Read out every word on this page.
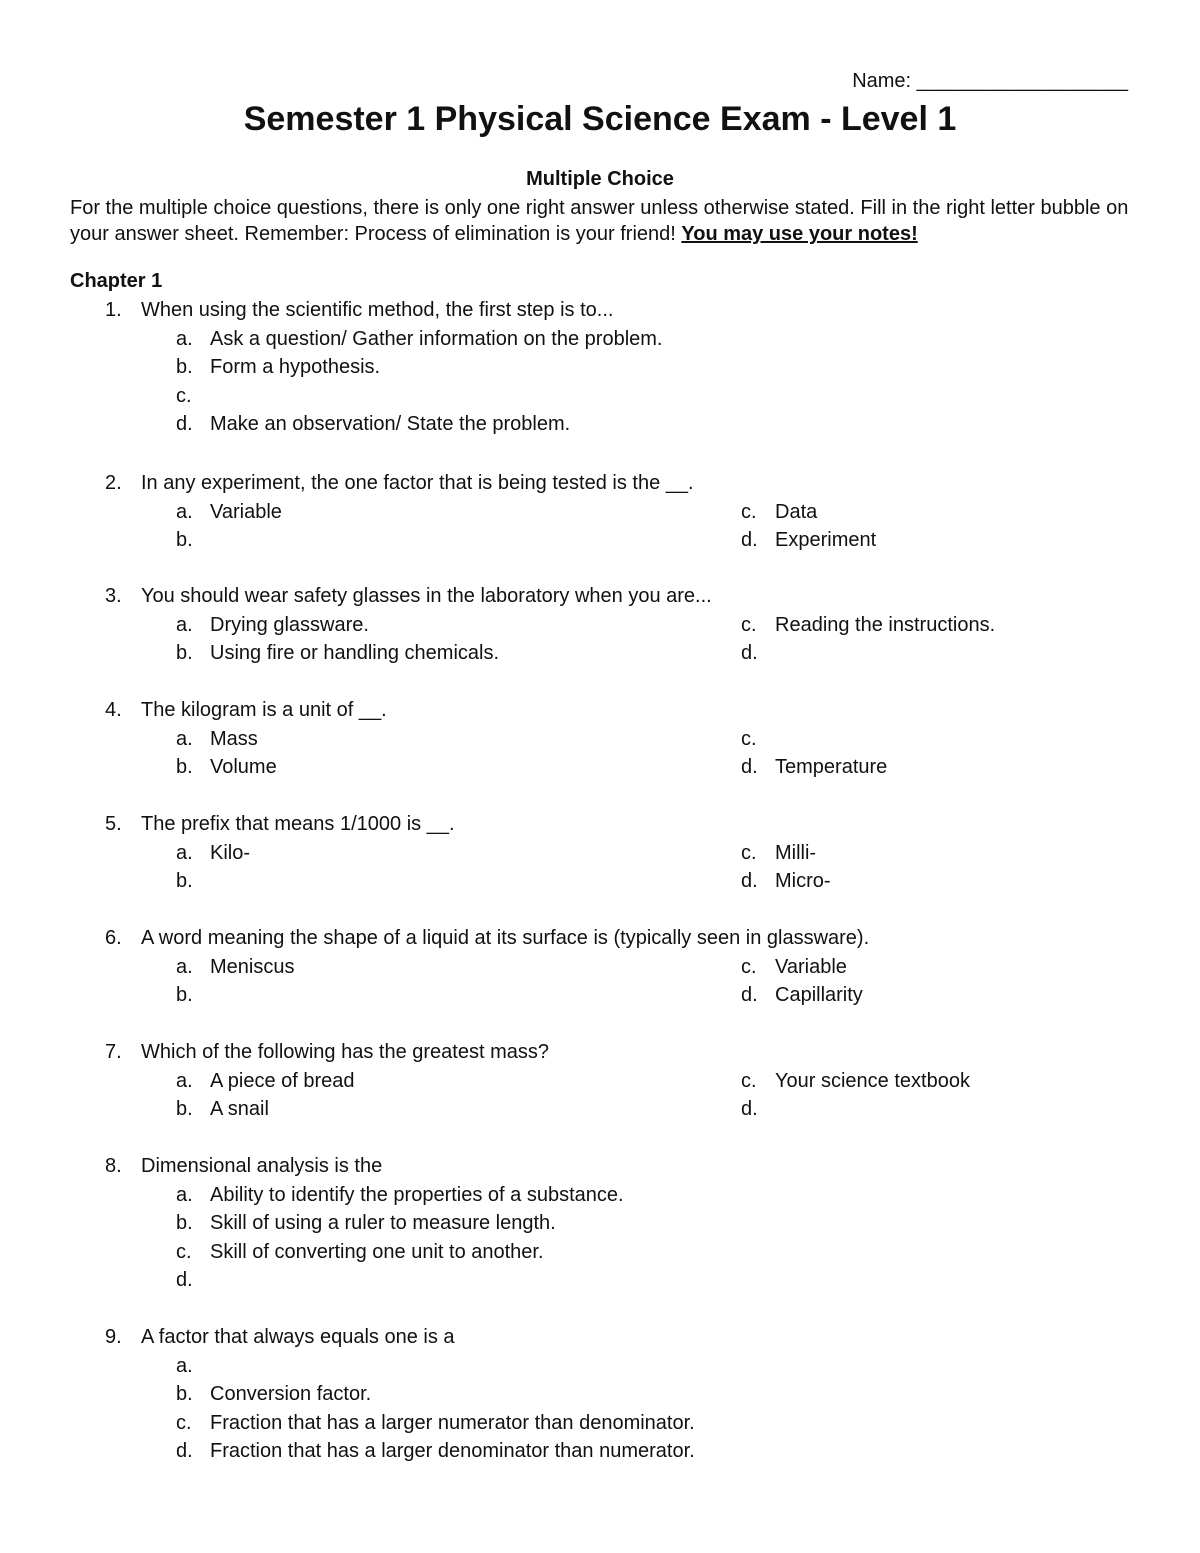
Name: ___________________
Semester 1 Physical Science Exam - Level 1
Multiple Choice
For the multiple choice questions, there is only one right answer unless otherwise stated. Fill in the right letter bubble on your answer sheet. Remember: Process of elimination is your friend! You may use your notes!
Chapter 1
1. When using the scientific method, the first step is to...
a. Ask a question/ Gather information on the problem.
b. Form a hypothesis.
c.
d. Make an observation/ State the problem.
2. In any experiment, the one factor that is being tested is the __.
a. Variable
b.
c. Data
d. Experiment
3. You should wear safety glasses in the laboratory when you are...
a. Drying glassware.
b. Using fire or handling chemicals.
c. Reading the instructions.
d.
4. The kilogram is a unit of __.
a. Mass
b. Volume
c.
d. Temperature
5. The prefix that means 1/1000 is __.
a. Kilo-
b.
c. Milli-
d. Micro-
6. A word meaning the shape of a liquid at its surface is (typically seen in glassware).
a. Meniscus
b.
c. Variable
d. Capillarity
7. Which of the following has the greatest mass?
a. A piece of bread
b. A snail
c. Your science textbook
d.
8. Dimensional analysis is the
a. Ability to identify the properties of a substance.
b. Skill of using a ruler to measure length.
c. Skill of converting one unit to another.
d.
9. A factor that always equals one is a
a.
b. Conversion factor.
c. Fraction that has a larger numerator than denominator.
d. Fraction that has a larger denominator than numerator.
